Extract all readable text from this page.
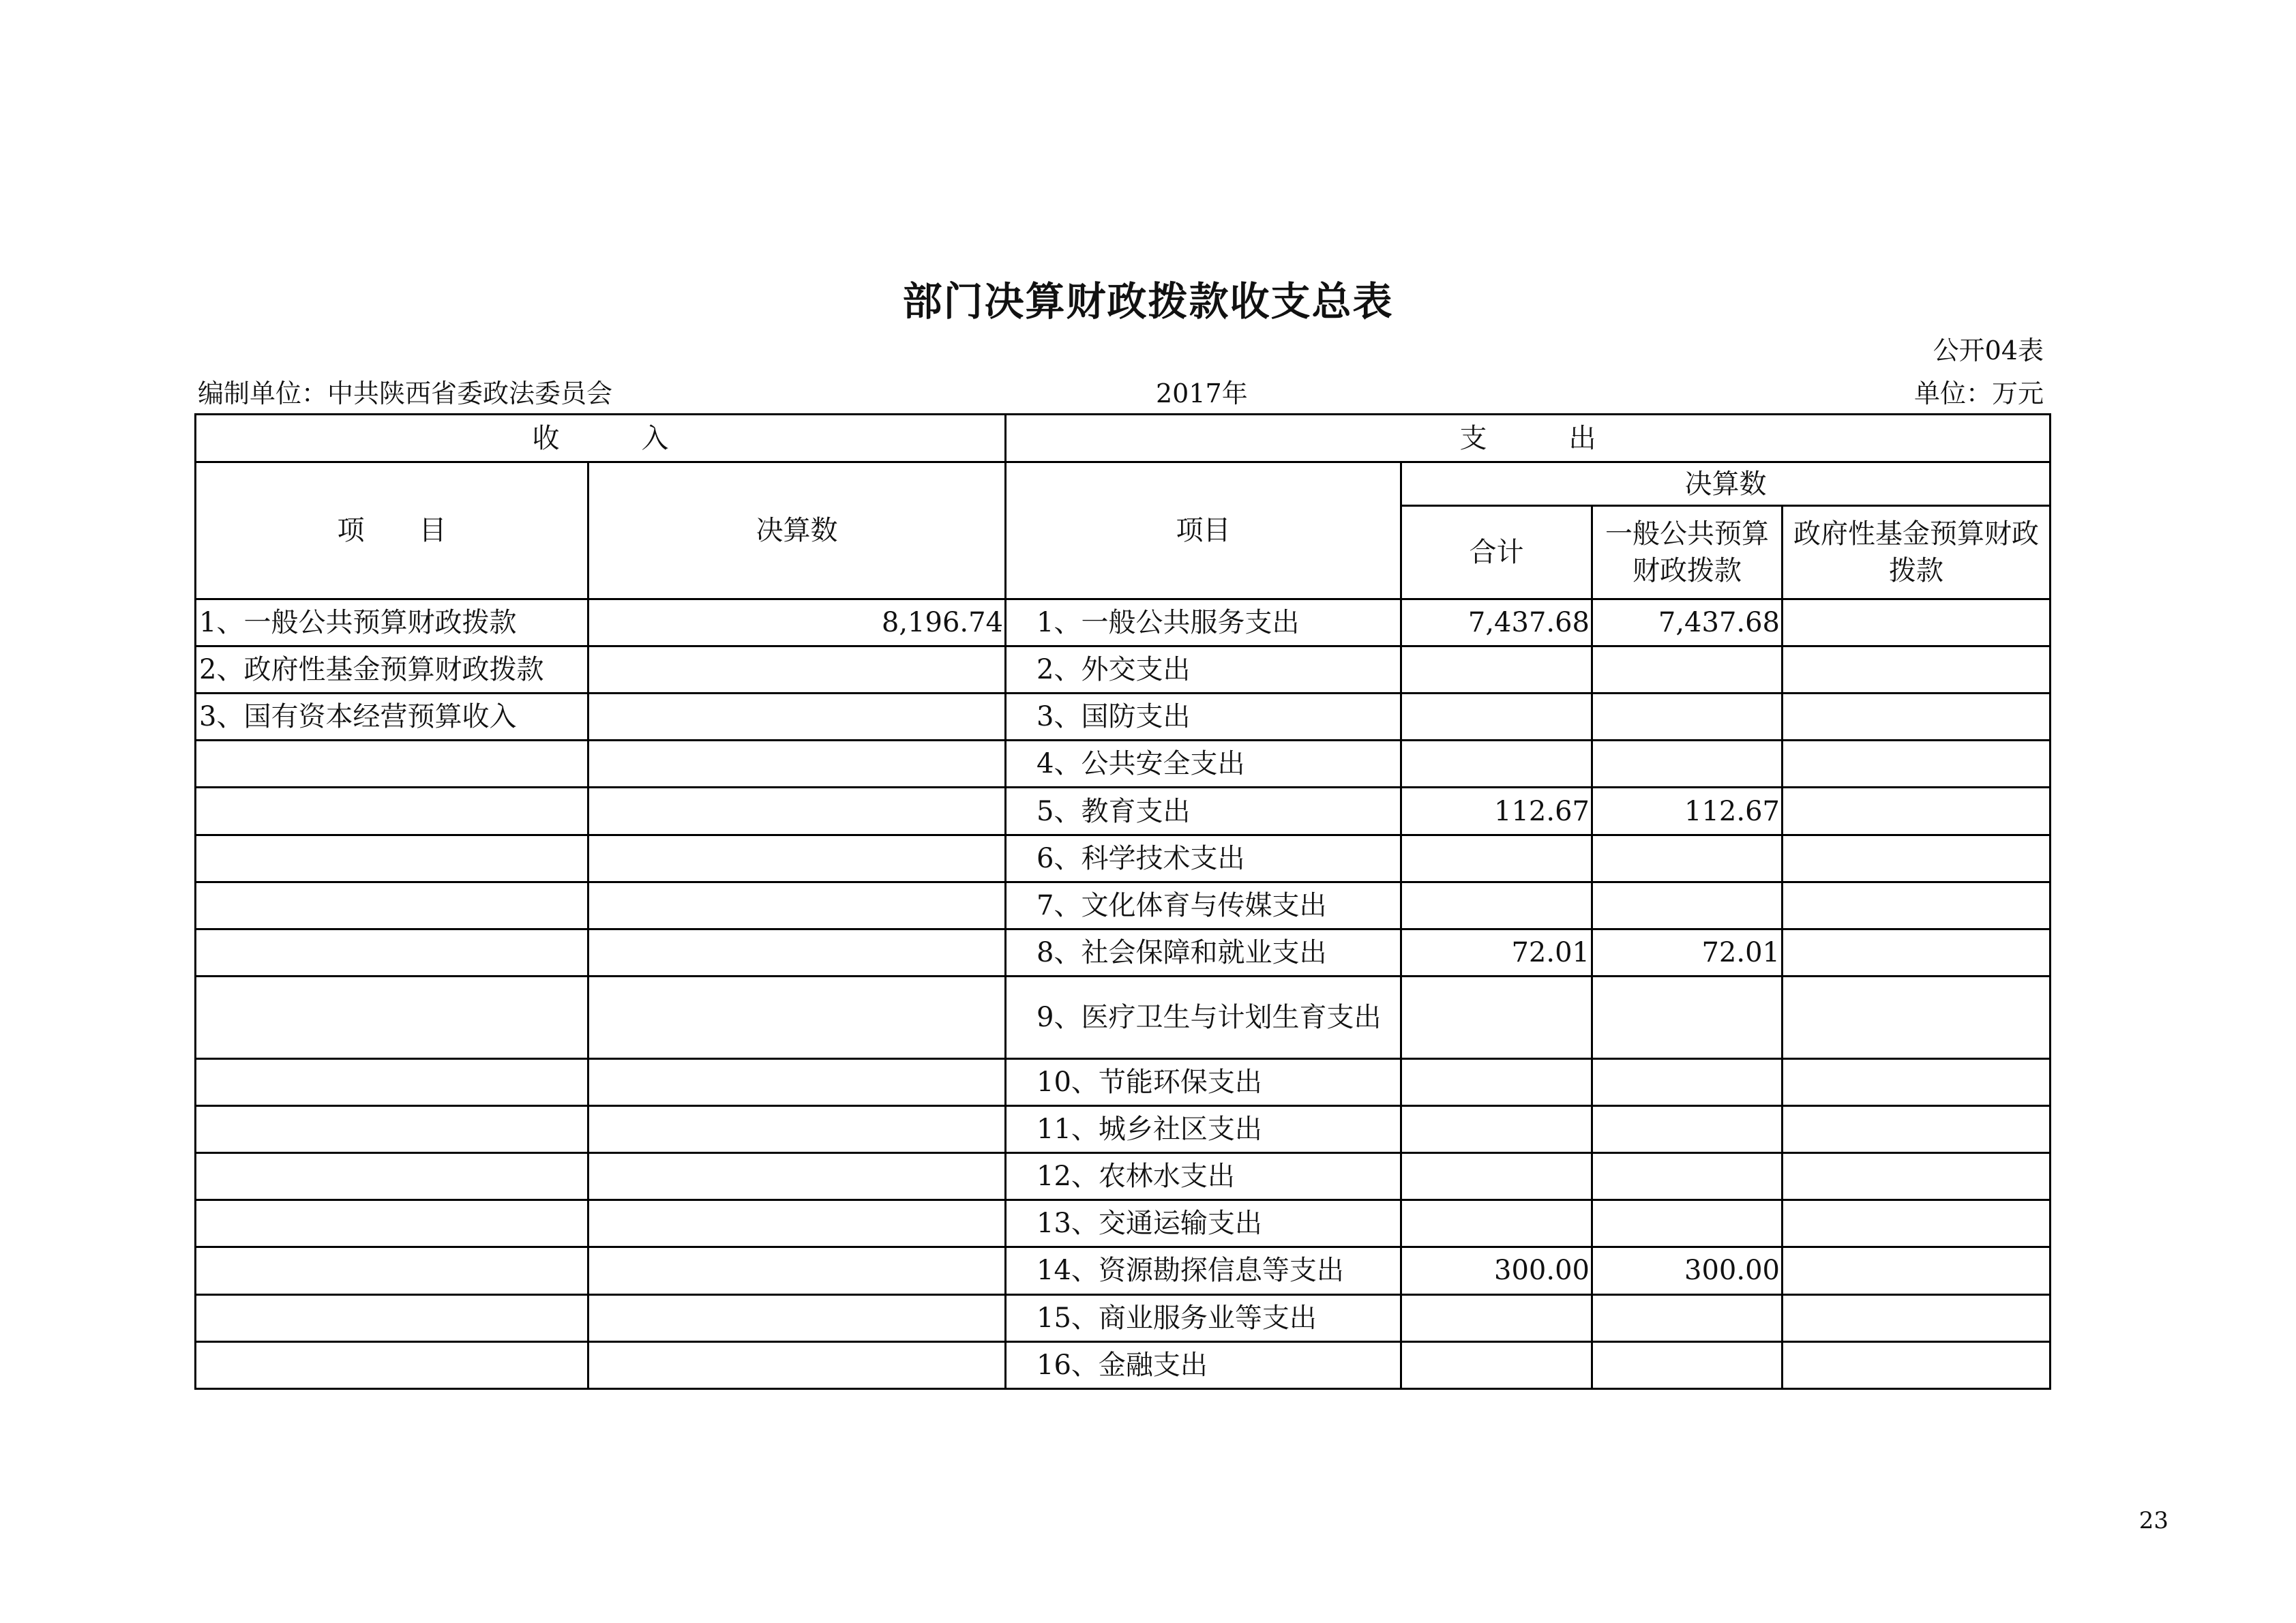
部门决算财政拨款收支总表
公开04表
编制单位：中共陕西省委政法委员会	2017年	单位：万元
收　　　入		支　　　出			
项　　目	决算数	项目	决算数		
			合计	一般公共预算财政拨款	政府性基金预算财政拨款
1、一般公共预算财政拨款	8,196.74	1、一般公共服务支出	7,437.68	7,437.68	
2、政府性基金预算财政拨款		2、外交支出			
3、国有资本经营预算收入		3、国防支出			
		4、公共安全支出			
		5、教育支出	112.67	112.67	
		6、科学技术支出			
		7、文化体育与传媒支出			
		8、社会保障和就业支出	72.01	72.01	
		9、医疗卫生与计划生育支出			
		10、节能环保支出			
		11、城乡社区支出			
		12、农林水支出			
		13、交通运输支出			
		14、资源勘探信息等支出	300.00	300.00	
		15、商业服务业等支出			
		16、金融支出			
23
